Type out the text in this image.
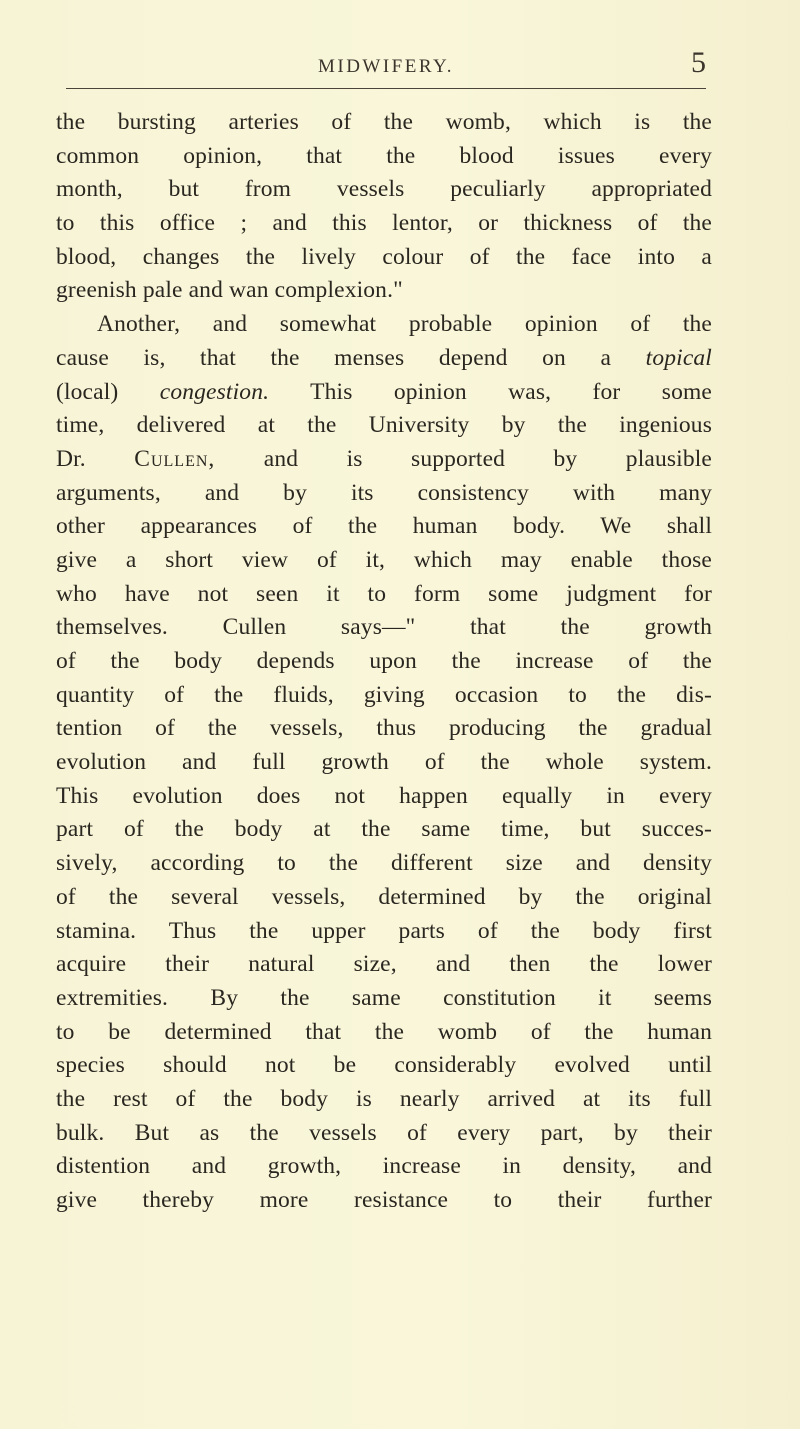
MIDWIFERY.	5
the bursting arteries of the womb, which is the
common opinion, that the blood issues every
month, but from vessels peculiarly appropriated
to this office ; and this lentor, or thickness of the
blood, changes the lively colour of the face into a
greenish pale and wan complexion."
Another, and somewhat probable opinion of the
cause is, that the menses depend on a topical
(local) congestion. This opinion was, for some
time, delivered at the University by the ingenious
Dr. Cullen, and is supported by plausible
arguments, and by its consistency with many
other appearances of the human body. We shall
give a short view of it, which may enable those
who have not seen it to form some judgment for
themselves. Cullen says—" that the growth
of the body depends upon the increase of the
quantity of the fluids, giving occasion to the dis-
tention of the vessels, thus producing the gradual
evolution and full growth of the whole system.
This evolution does not happen equally in every
part of the body at the same time, but succes-
sively, according to the different size and density
of the several vessels, determined by the original
stamina. Thus the upper parts of the body first
acquire their natural size, and then the lower
extremities. By the same constitution it seems
to be determined that the womb of the human
species should not be considerably evolved until
the rest of the body is nearly arrived at its full
bulk. But as the vessels of every part, by their
distention and growth, increase in density, and
give thereby more resistance to their further
